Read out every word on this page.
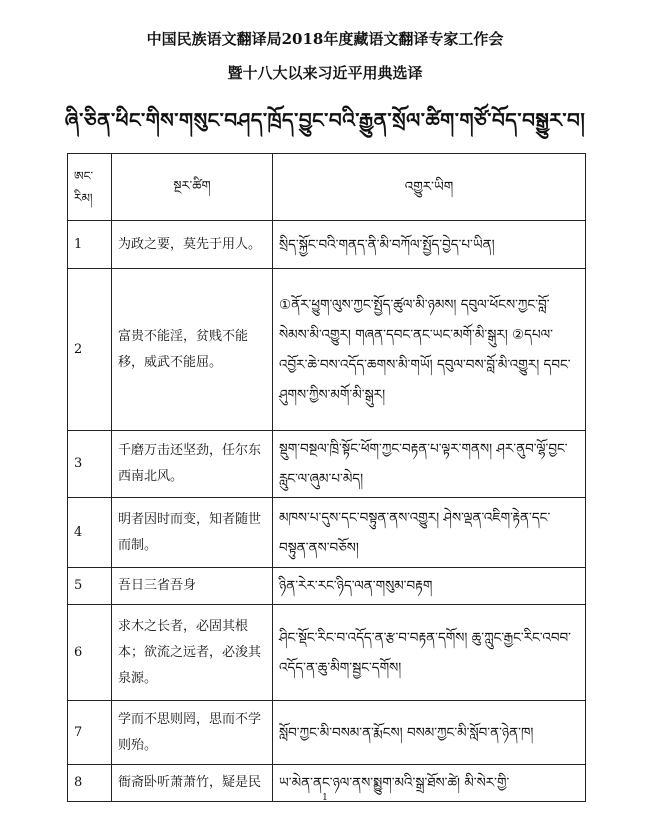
中国民族语文翻译局2018年度藏语文翻译专家工作会
暨十八大以来习近平用典选译
ཞི་ཅིན་ཕིང་གིས་གསུང་བཤད་ཁྲོད་བྱུང་བའི་རྒྱུན་སྲོལ་ཚིག་གཙོ་བོད་བསྒྱུར་བ།
ཨང་རིམ།	སྔར་ཚིག	འགྱུར་ཡིག
1	为政之要，莫先于用人。	སྲིད་སྐྱོང་བའི་གནད་ནི་མི་བཀོལ་སྤྱོད་བྱེད་པ་ཡིན།
2	富贵不能淫，贫贱不能移，威武不能屈。	①ནོར་ཕྱུག་ལུས་ཀྱང་སྤྱོད་ཚུལ་མི་ཉམས། དབུལ་ཕོངས་ཀྱང་བློ་སེམས་མི་འགྱུར། གཞན་དབང་ནང་ཡང་མགོ་མི་སྒུར། ②དཔལ་འབྱོར་ཆེ་བས་འདོད་ཆགས་མི་གཡོ། དབུལ་བས་བློ་མི་འགྱུར། དབང་ཤུགས་ཀྱིས་མགོ་མི་སྒུར།
3	千磨万击还坚劲，任尔东西南北风。	སྡུག་བསྔལ་ཁྲི་སྟོང་ཕོག་ཀྱང་བརྟན་པ་ལྟར་གནས། ཤར་ནུབ་ལྷོ་བྱང་རླུང་ལ་ཞུམ་པ་མེད།
4	明者因时而变，知者随世而制。	མཁས་པ་དུས་དང་བསྟུན་ནས་འགྱུར། ཤེས་ལྡན་འཇིག་རྟེན་དང་བསྟུན་ནས་བཅོས།
5	吾日三省吾身	ཉིན་རེར་རང་ཉིད་ལན་གསུམ་བརྟག
6	求木之长者，必固其根本；欲流之远者，必浚其泉源。	ཤིང་སྡོང་རིང་བ་འདོད་ན་རྩ་བ་བརྟན་དགོས། ཆུ་ཀླུང་རྒྱང་རིང་འབབ་འདོད་ན་ཆུ་མིག་སྦྱང་དགོས།
7	学而不思则罔，思而不学则殆。	སློབ་ཀྱང་མི་བསམ་ན་རྨོངས། བསམ་ཀྱང་མི་སློབ་ན་ཉེན་ཁ།
8	衙斋卧听萧萧竹，疑是民	ཡ་མེན་ནང་ཉལ་ནས་སྨྱུག་མའི་སྒྲ་ཐོས་ཚེ། མི་སེར་གྱི་
1
